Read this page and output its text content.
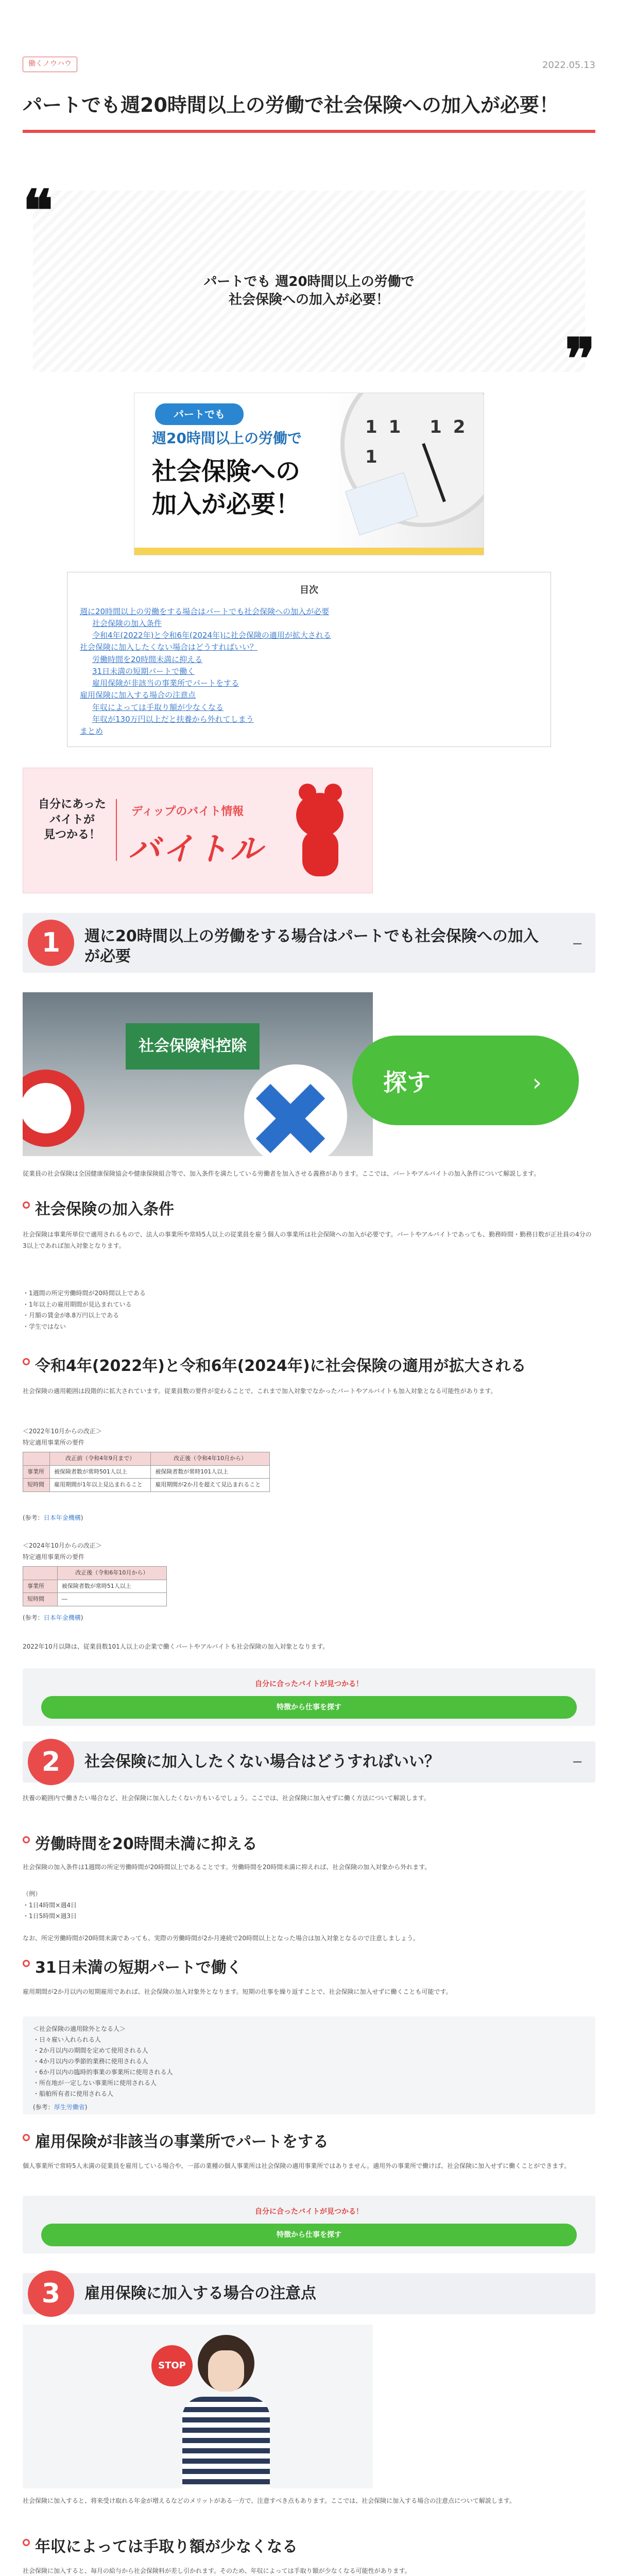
働くノウハウ	2022.05.13
パートでも週20時間以上の労働で社会保険への加入が必要！
❝

パートでも 週20時間以上の労働で
社会保険への加入が必要！

❞
11 12 1
パートでも
週20時間以上の労働で
社会保険への
加入が必要！
目次
週に20時間以上の労働をする場合はパートでも社会保険への加入が必要
社会保険の加入条件
令和4年(2022年)と令和6年(2024年)に社会保険の適用が拡大される
社会保険に加入したくない場合はどうすればいい？
労働時間を20時間未満に抑える
31日未満の短期パートで働く
雇用保険が非該当の事業所でパートをする
雇用保険に加入する場合の注意点
年収によっては手取り額が少なくなる
年収が130万円以上だと扶養から外れてしまう
まとめ
自分にあった
バイトが
見つかる！
ディップのバイト情報
バイトル
1	週に20時間以上の労働をする場合はパートでも社会保険への加入が必要
−
社会保険料控除
探す	›
従業員の社会保険は全国健康保険協会や健康保険組合等で、加入条件を満たしている労働者を加入させる義務があります。ここでは、パートやアルバイトの加入条件について解説します。
社会保険の加入条件
社会保険は事業所単位で適用されるもので、法人の事業所や常時5人以上の従業員を雇う個人の事業所は社会保険への加入が必要です。パートやアルバイトであっても、勤務時間・勤務日数が正社員の4分の3以上であれば加入対象となります。
・1週間の所定労働時間が20時間以上である
・1年以上の雇用期間が見込まれている
・月額の賃金が8.8万円以上である
・学生ではない
令和4年(2022年)と令和6年(2024年)に社会保険の適用が拡大される
社会保険の適用範囲は段階的に拡大されています。従業員数の要件が変わることで、これまで加入対象でなかったパートやアルバイトも加入対象となる可能性があります。
＜2022年10月からの改正＞
特定適用事業所の要件
	改正前（令和4年9月まで）	改正後（令和4年10月から）
事業所	被保険者数が常時501人以上	被保険者数が常時101人以上
短時間	雇用期間が1年以上見込まれること	雇用期間が2か月を超えて見込まれること
(参考：日本年金機構)
＜2024年10月からの改正＞
特定適用事業所の要件
	改正後（令和6年10月から）
事業所	被保険者数が常時51人以上
短時間	―
(参考：日本年金機構)
2022年10月以降は、従業員数101人以上の企業で働くパートやアルバイトも社会保険の加入対象となります。
自分に合ったバイトが見つかる！
特徴から仕事を探す
2	社会保険に加入したくない場合はどうすればいい？	−
扶養の範囲内で働きたい場合など、社会保険に加入したくない方もいるでしょう。ここでは、社会保険に加入せずに働く方法について解説します。
労働時間を20時間未満に抑える
社会保険の加入条件は1週間の所定労働時間が20時間以上であることです。労働時間を20時間未満に抑えれば、社会保険の加入対象から外れます。
（例）
・1日4時間×週4日
・1日5時間×週3日
なお、所定労働時間が20時間未満であっても、実際の労働時間が2か月連続で20時間以上となった場合は加入対象となるので注意しましょう。
31日未満の短期パートで働く
雇用期間が2か月以内の短期雇用であれば、社会保険の加入対象外となります。短期の仕事を繰り返すことで、社会保険に加入せずに働くことも可能です。
＜社会保険の適用除外となる人＞
・日々雇い入れられる人
・2か月以内の期間を定めて使用される人
・4か月以内の季節的業務に使用される人
・6か月以内の臨時的事業の事業所に使用される人
・所在地が一定しない事業所に使用される人
・船舶所有者に使用される人
(参考：厚生労働省)
雇用保険が非該当の事業所でパートをする
個人事業所で常時5人未満の従業員を雇用している場合や、一部の業種の個人事業所は社会保険の適用事業所ではありません。適用外の事業所で働けば、社会保険に加入せずに働くことができます。
自分に合ったバイトが見つかる！
特徴から仕事を探す
3	雇用保険に加入する場合の注意点
STOP
社会保険に加入すると、将来受け取れる年金が増えるなどのメリットがある一方で、注意すべき点もあります。ここでは、社会保険に加入する場合の注意点について解説します。
年収によっては手取り額が少なくなる
社会保険に加入すると、毎月の給与から社会保険料が差し引かれます。そのため、年収によっては手取り額が少なくなる可能性があります。
